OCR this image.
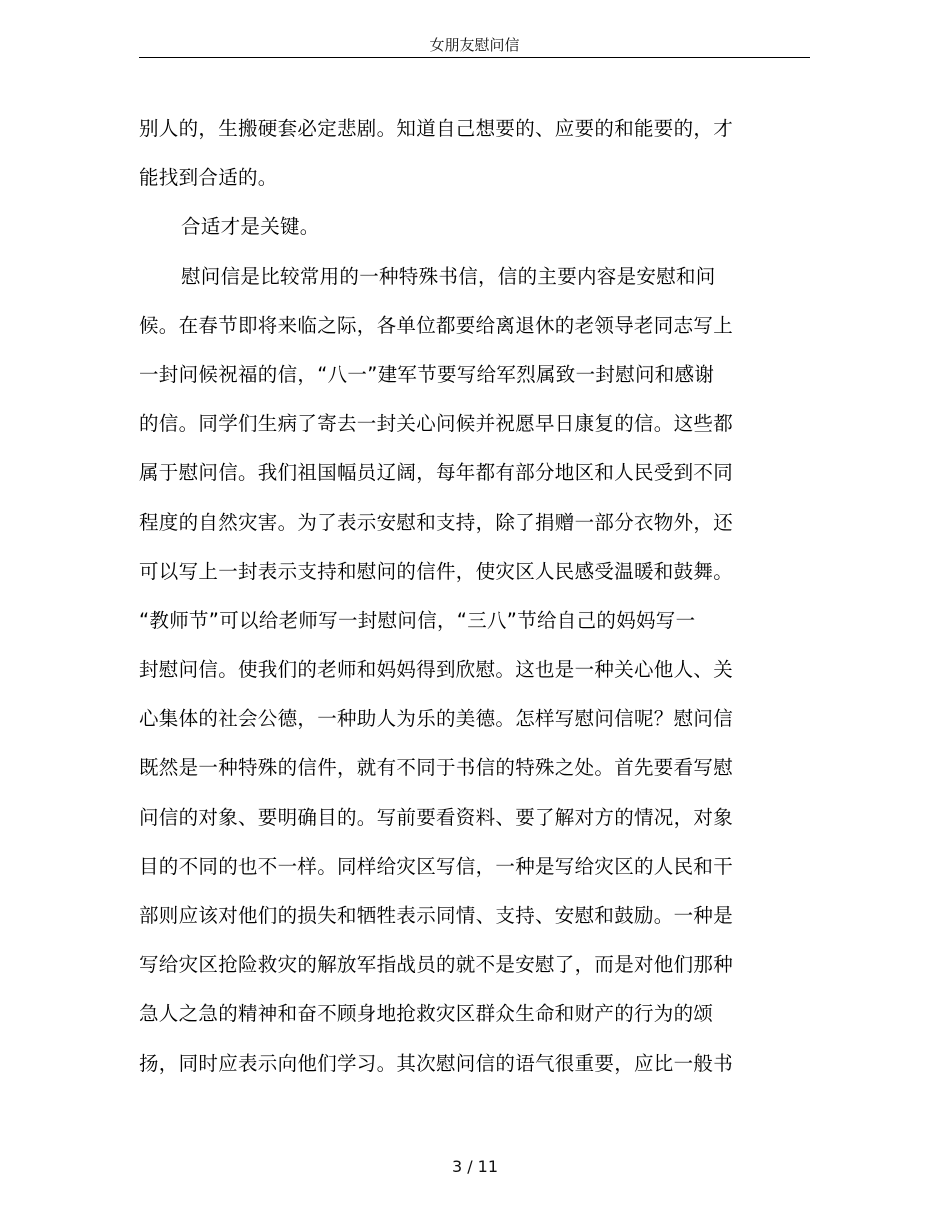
女朋友慰问信
别人的，生搬硬套必定悲剧。知道自己想要的、应要的和能要的，才
能找到合适的。
合适才是关键。
慰问信是比较常用的一种特殊书信，信的主要内容是安慰和问
候。在春节即将来临之际，各单位都要给离退休的老领导老同志写上
一封问候祝福的信，“八一”建军节要写给军烈属致一封慰问和感谢
的信。同学们生病了寄去一封关心问候并祝愿早日康复的信。这些都
属于慰问信。我们祖国幅员辽阔，每年都有部分地区和人民受到不同
程度的自然灾害。为了表示安慰和支持，除了捐赠一部分衣物外，还
可以写上一封表示支持和慰问的信件，使灾区人民感受温暖和鼓舞。
“教师节”可以给老师写一封慰问信，“三八”节给自己的妈妈写一
封慰问信。使我们的老师和妈妈得到欣慰。这也是一种关心他人、关
心集体的社会公德，一种助人为乐的美德。怎样写慰问信呢？慰问信
既然是一种特殊的信件，就有不同于书信的特殊之处。首先要看写慰
问信的对象、要明确目的。写前要看资料、要了解对方的情况，对象
目的不同的也不一样。同样给灾区写信，一种是写给灾区的人民和干
部则应该对他们的损失和牺牲表示同情、支持、安慰和鼓励。一种是
写给灾区抢险救灾的解放军指战员的就不是安慰了，而是对他们那种
急人之急的精神和奋不顾身地抢救灾区群众生命和财产的行为的颂
扬，同时应表示向他们学习。其次慰问信的语气很重要，应比一般书
3 / 11
